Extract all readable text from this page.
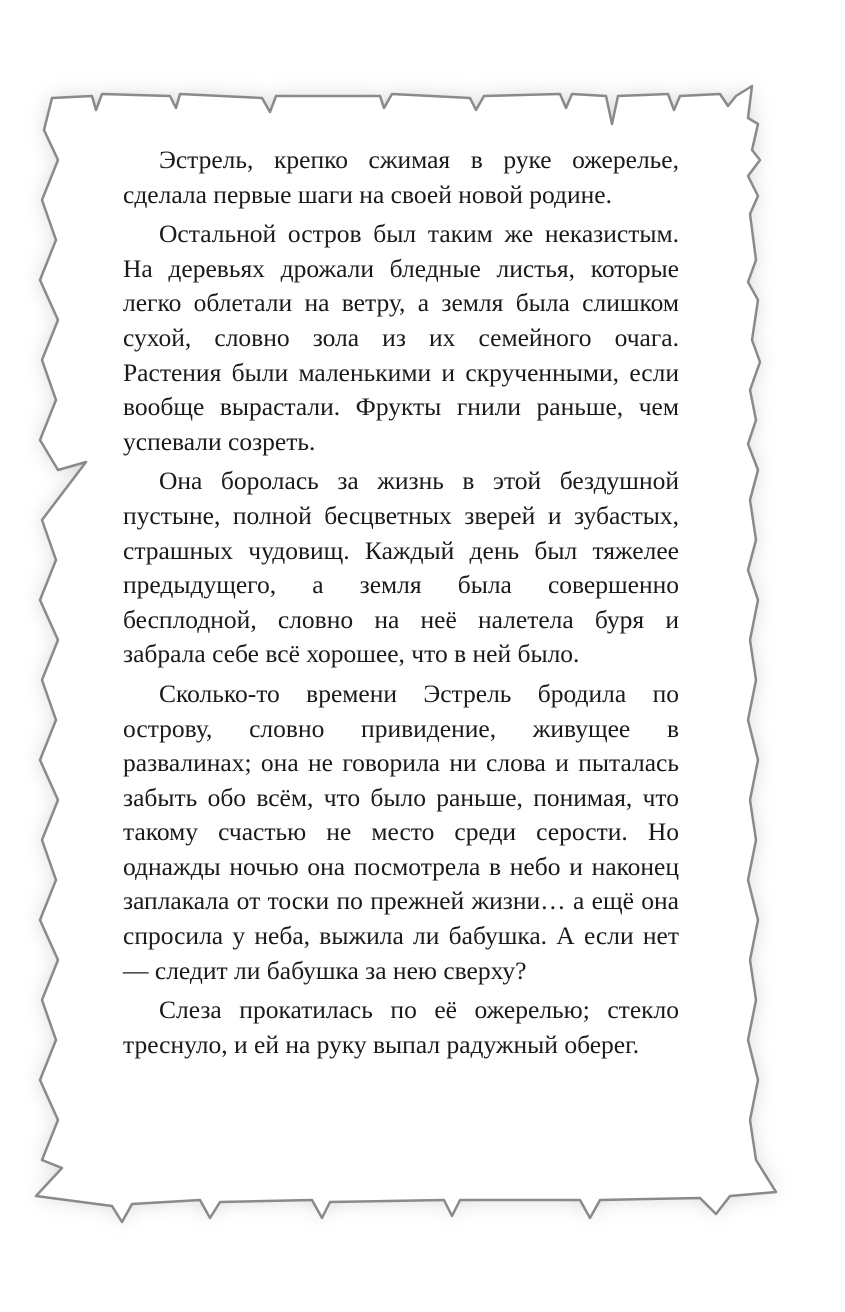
Эстрель, крепко сжимая в руке ожерелье, сделала первые шаги на своей новой родине.

Остальной остров был таким же неказистым. На деревьях дрожали бледные листья, которые легко облетали на ветру, а земля была слишком сухой, словно зола из их семейного очага. Растения были маленькими и скрученными, если вообще вырастали. Фрукты гнили раньше, чем успевали созреть.

Она боролась за жизнь в этой бездушной пустыне, полной бесцветных зверей и зубастых, страшных чудовищ. Каждый день был тяжелее предыдущего, а земля была совершенно бесплодной, словно на неё налетела буря и забрала себе всё хорошее, что в ней было.

Сколько-то времени Эстрель бродила по острову, словно привидение, живущее в развалинах; она не говорила ни слова и пыталась забыть обо всём, что было раньше, понимая, что такому счастью не место среди серости. Но однажды ночью она посмотрела в небо и наконец заплакала от тоски по прежней жизни… а ещё она спросила у неба, выжила ли бабушка. А если нет — следит ли бабушка за нею сверху?

Слеза прокатилась по её ожерелью; стекло треснуло, и ей на руку выпал радужный оберег.
